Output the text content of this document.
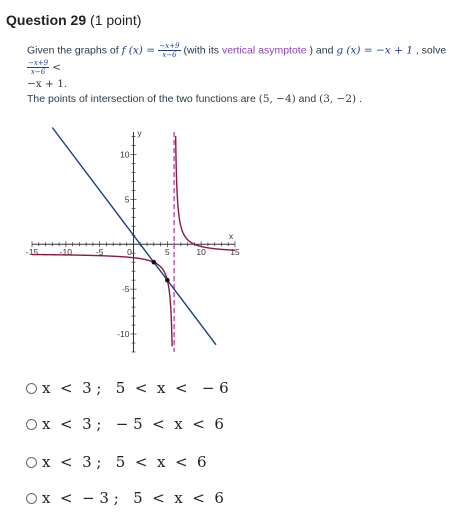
Question 29 (1 point)
Given the graphs of f $(x) = \frac{-x+9}{x-6}$ (with its vertical asymptote ) and g (x) = −x + 1 , solve
$\frac{-x+9}{x-6}$ <
−x + 1.
The points of intersection of the two functions are (5, −4) and (3, −2) .
-15	-10	-5	0	5	10	15
10
5
-5
-10
x
y
x  <  3 ;   5  <  x  <   − 6
x  <  3 ;   − 5  <  x  <  6
x  <  3 ;   5  <  x  <  6
x  <  − 3 ;   5  <  x  <  6
